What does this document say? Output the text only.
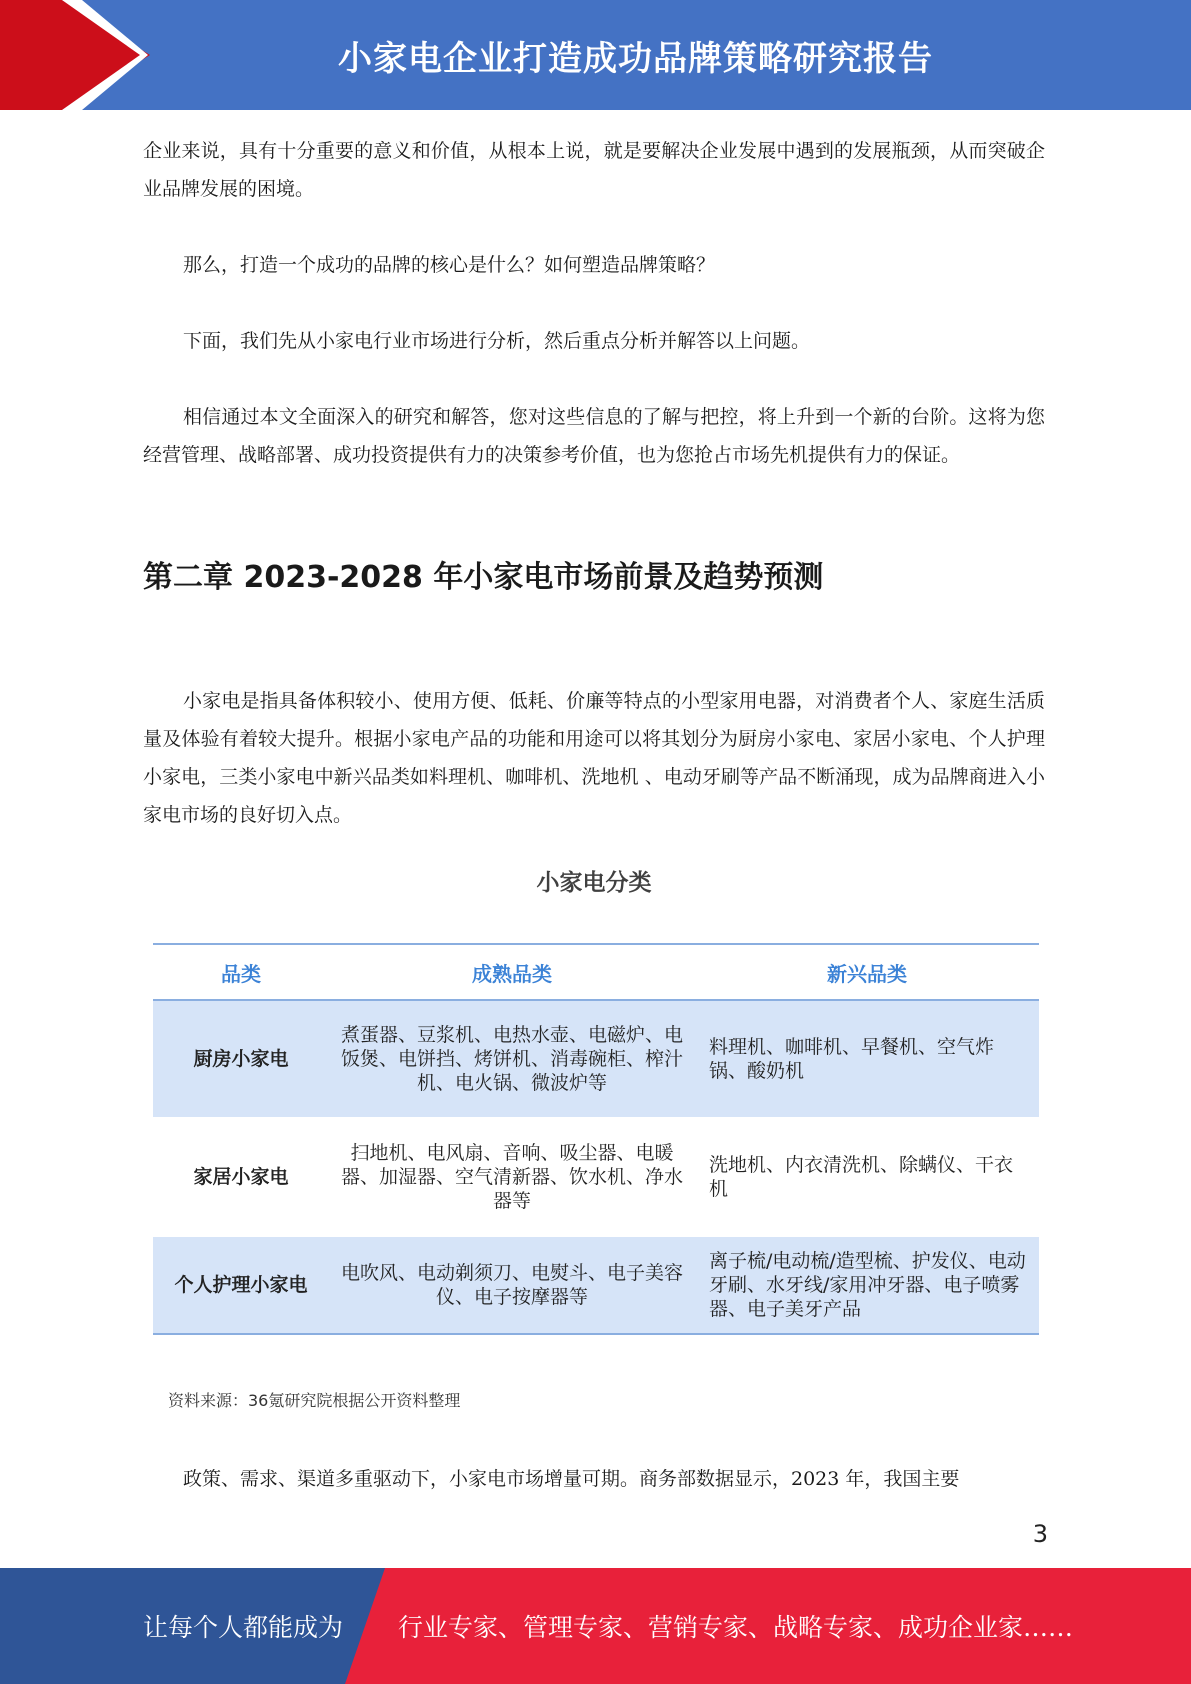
小家电企业打造成功品牌策略研究报告

企业来说，具有十分重要的意义和价值，从根本上说，就是要解决企业发展中遇到的发展瓶颈，从而突破企业品牌发展的困境。

那么，打造一个成功的品牌的核心是什么？如何塑造品牌策略？

下面，我们先从小家电行业市场进行分析，然后重点分析并解答以上问题。

相信通过本文全面深入的研究和解答，您对这些信息的了解与把控，将上升到一个新的台阶。这将为您经营管理、战略部署、成功投资提供有力的决策参考价值，也为您抢占市场先机提供有力的保证。

第二章 2023-2028 年小家电市场前景及趋势预测

小家电是指具备体积较小、使用方便、低耗、价廉等特点的小型家用电器，对消费者个人、家庭生活质量及体验有着较大提升。根据小家电产品的功能和用途可以将其划分为厨房小家电、家居小家电、个人护理小家电，三类小家电中新兴品类如料理机、咖啡机、洗地机 、电动牙刷等产品不断涌现，成为品牌商进入小家电市场的良好切入点。

小家电分类
品类	成熟品类	新兴品类
厨房小家电	煮蛋器、豆浆机、电热水壶、电磁炉、电饭煲、电饼挡、烤饼机、消毒碗柜、榨汁机、电火锅、微波炉等	料理机、咖啡机、早餐机、空气炸锅、酸奶机
家居小家电	扫地机、电风扇、音响、吸尘器、电暖器、加湿器、空气清新器、饮水机、净水器等	洗地机、内衣清洗机、除螨仪、干衣机
个人护理小家电	电吹风、电动剃须刀、电熨斗、电子美容仪、电子按摩器等	离子梳/电动梳/造型梳、护发仪、电动牙刷、水牙线/家用冲牙器、电子喷雾器、电子美牙产品
资料来源：36氪研究院根据公开资料整理

政策、需求、渠道多重驱动下，小家电市场增量可期。商务部数据显示，2023 年，我国主要

3
让每个人都能成为 行业专家、管理专家、营销专家、战略专家、成功企业家……
